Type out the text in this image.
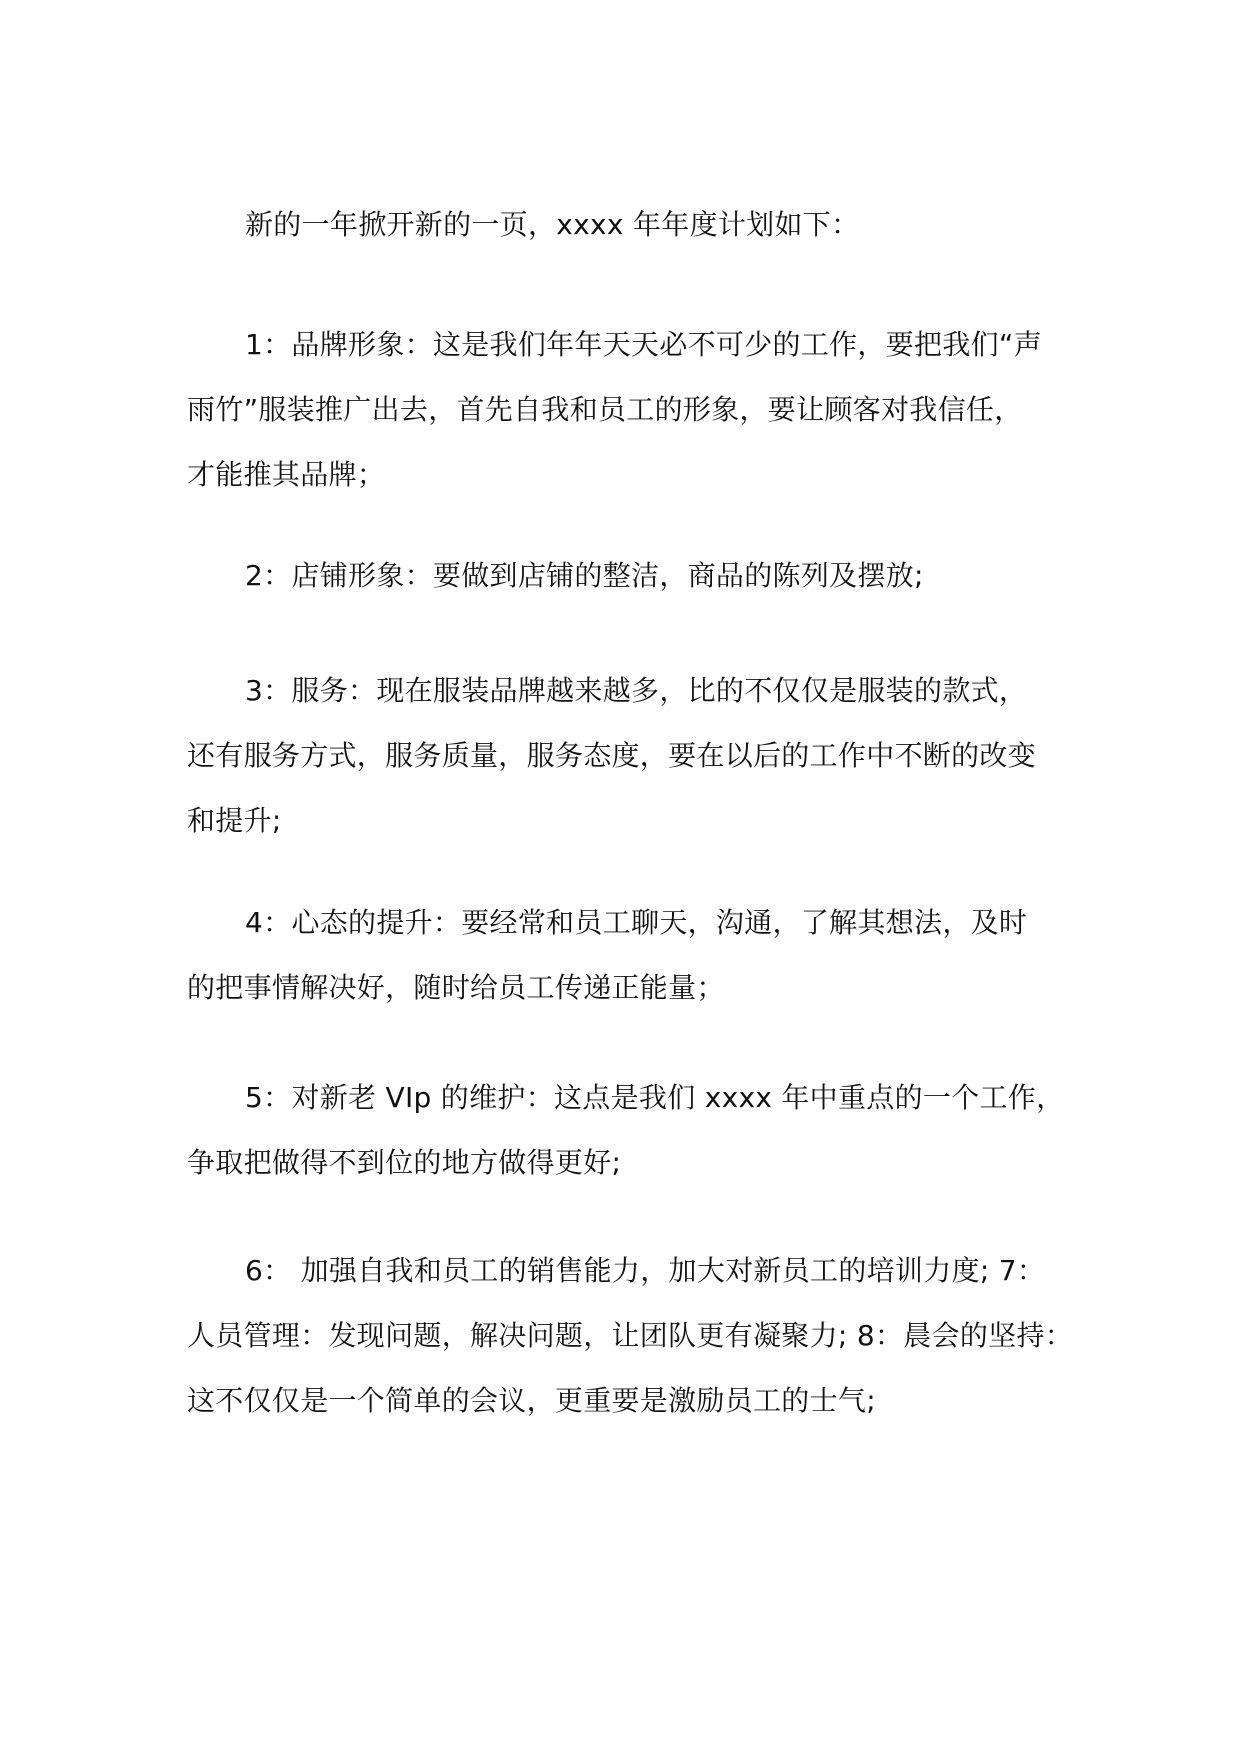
新的一年掀开新的一页，xxxx 年年度计划如下：

1：品牌形象：这是我们年年天天必不可少的工作，要把我们“声
雨竹”服装推广出去，首先自我和员工的形象，要让顾客对我信任，
才能推其品牌；

2：店铺形象：要做到店铺的整洁，商品的陈列及摆放;

3：服务：现在服装品牌越来越多，比的不仅仅是服装的款式，
还有服务方式，服务质量，服务态度，要在以后的工作中不断的改变
和提升;

4：心态的提升：要经常和员工聊天，沟通，了解其想法，及时
的把事情解决好，随时给员工传递正能量；

5：对新老 VIp 的维护：这点是我们 xxxx 年中重点的一个工作，
争取把做得不到位的地方做得更好;

6： 加强自我和员工的销售能力，加大对新员工的培训力度; 7：
人员管理：发现问题，解决问题，让团队更有凝聚力; 8：晨会的坚持：
这不仅仅是一个简单的会议，更重要是激励员工的士气;
